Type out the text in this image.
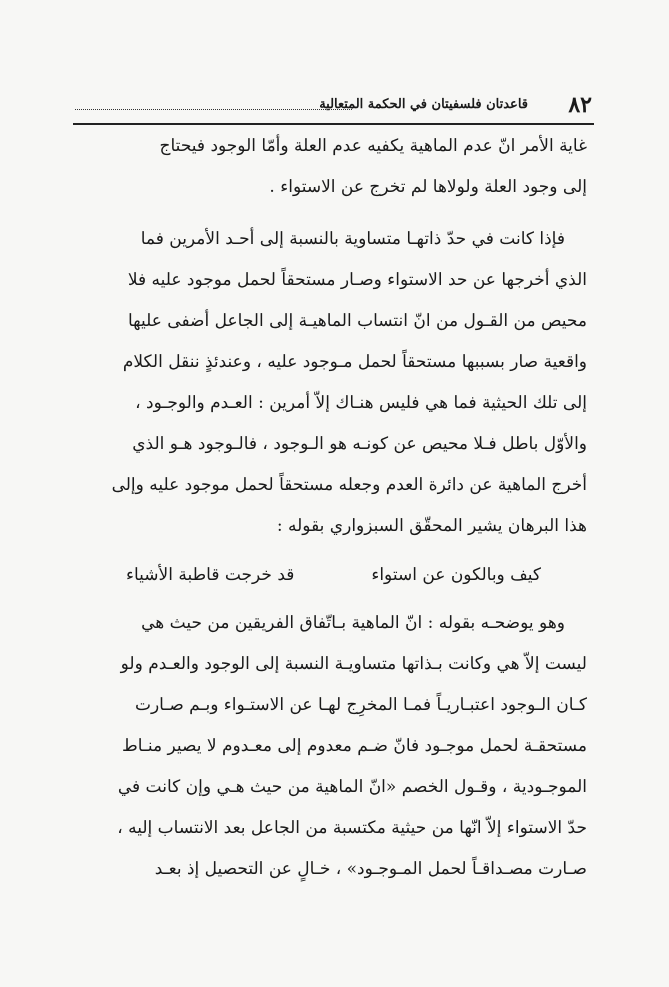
٨٢
قاعدتان فلسفيتان في الحكمة المتعالية

غاية الأمر انّ عدم الماهية يكفيه عدم العلة وأمّا الوجود فيحتاج
إلى وجود العلة ولولاها لم تخرج عن الاستواء .

فإذا كانت في حدّ ذاتهـا متساوية بالنسبة إلى أحـد الأمرين فما
الذي أخرجها عن حد الاستواء وصـار مستحقاً لحمل موجود عليه فلا
محيص من القـول من انّ انتساب الماهيـة إلى الجاعل أضفى عليها
واقعية صار بسببها مستحقاً لحمل مـوجود عليه ، وعندئذٍ ننقل الكلام
إلى تلك الحيثية فما هي فليس هنـاك إلاّ أمرين : العـدم والوجـود ،
والأوّل باطل فـلا محيص عن كونـه هو الـوجود ، فالـوجود هـو الذي
أخرج الماهية عن دائرة العدم وجعله مستحقاً لحمل موجود عليه وإلى
هذا البرهان يشير المحقّق السبزواري بقوله :

كيف وبالكون عن استواء
قد خرجت قاطبة الأشياء

وهو يوضحـه بقوله : انّ الماهية بـاتّفاق الفريقين من حيث هي
ليست إلاّ هي وكانت بـذاتها متساويـة النسبة إلى الوجود والعـدم ولو
كـان الـوجود اعتبـاريـاً فمـا المخرِج لهـا عن الاستـواء وبـم صـارت
مستحقـة لحمل موجـود فانّ ضـم معدوم إلى معـدوم لا يصير منـاط
الموجـودية ، وقـول الخصم «انّ الماهية من حيث هـي وإن كانت في
حدّ الاستواء إلاّ انّها من حيثية مكتسبة من الجاعل بعد الانتساب إليه ،
صـارت مصـداقـاً لحمل المـوجـود» ، خـالٍ عن التحصيل إذ بعـد
